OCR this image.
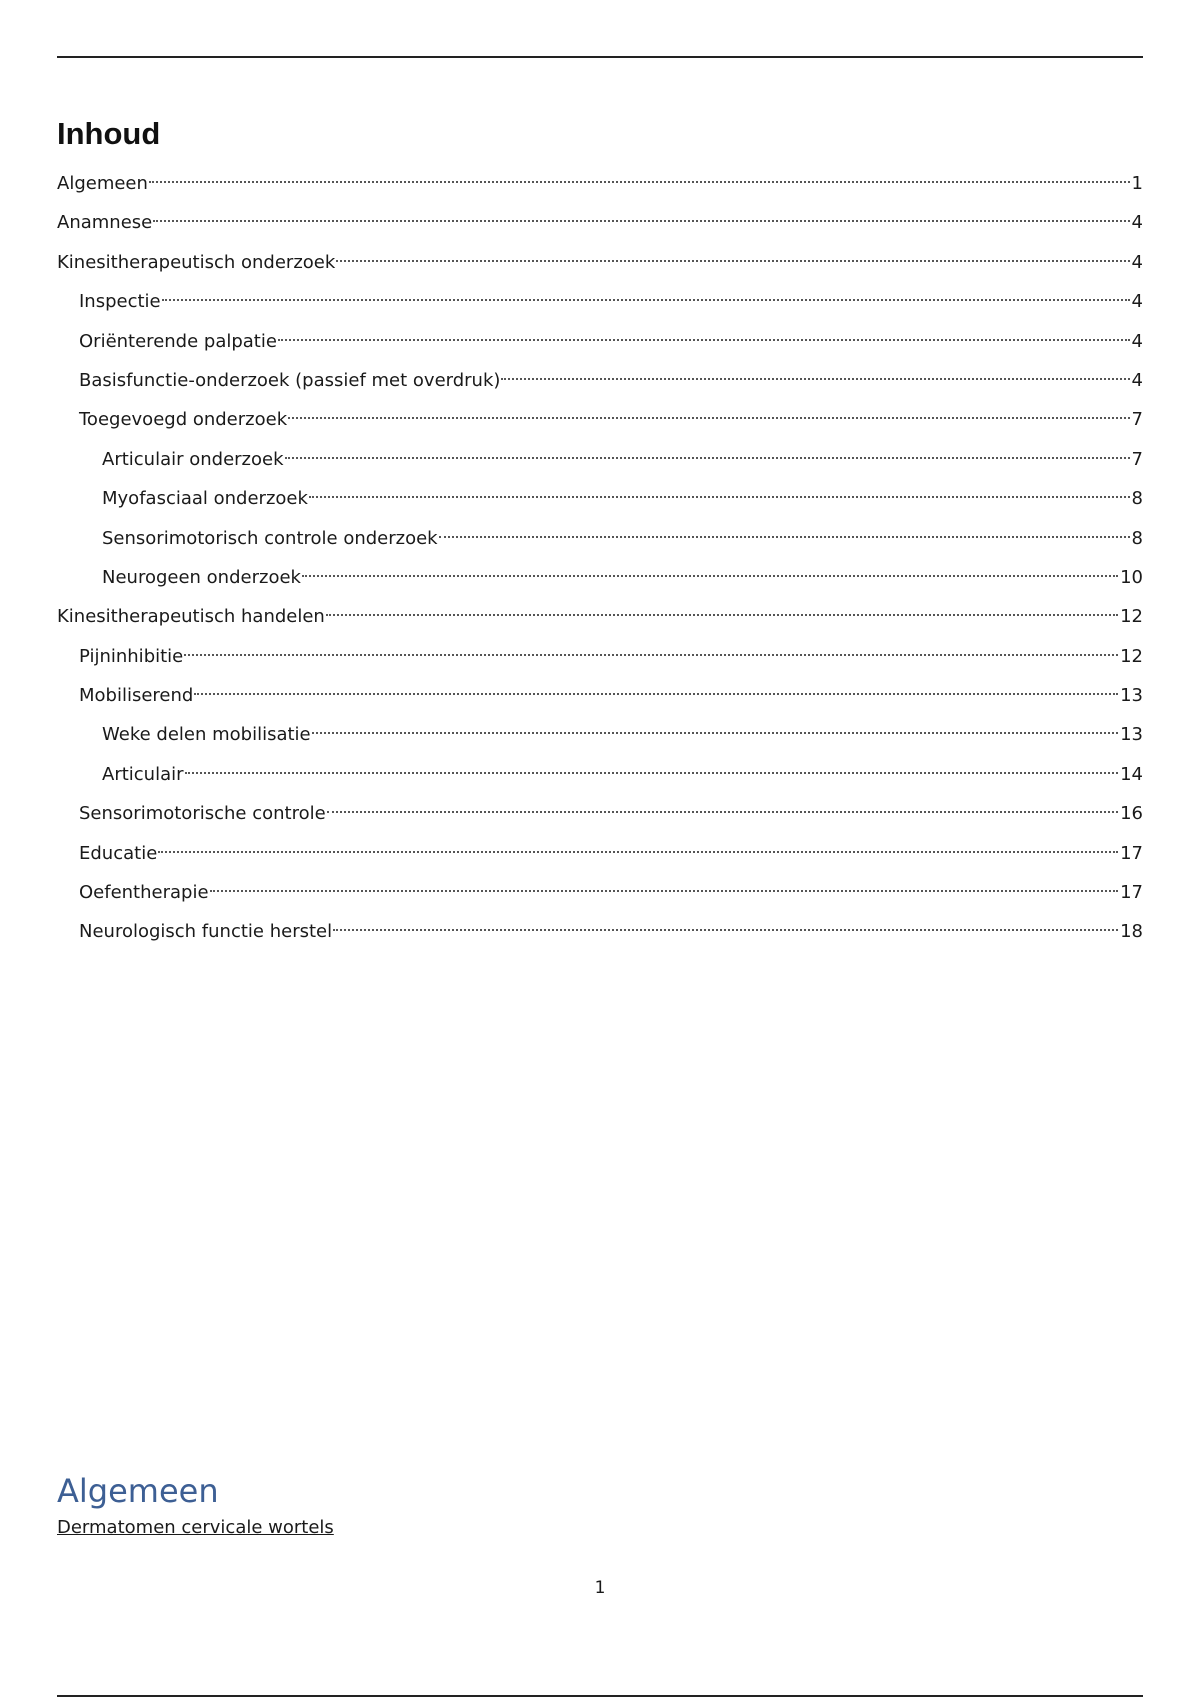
Inhoud
Algemeen	1
Anamnese	4
Kinesitherapeutisch onderzoek	4
Inspectie	4
Oriënterende palpatie	4
Basisfunctie-onderzoek (passief met overdruk)	4
Toegevoegd onderzoek	7
Articulair onderzoek	7
Myofasciaal onderzoek	8
Sensorimotorisch controle onderzoek	8
Neurogeen onderzoek	10
Kinesitherapeutisch handelen	12
Pijninhibitie	12
Mobiliserend	13
Weke delen mobilisatie	13
Articulair	14
Sensorimotorische controle	16
Educatie	17
Oefentherapie	17
Neurologisch functie herstel	18
Algemeen

Dermatomen cervicale wortels

1
